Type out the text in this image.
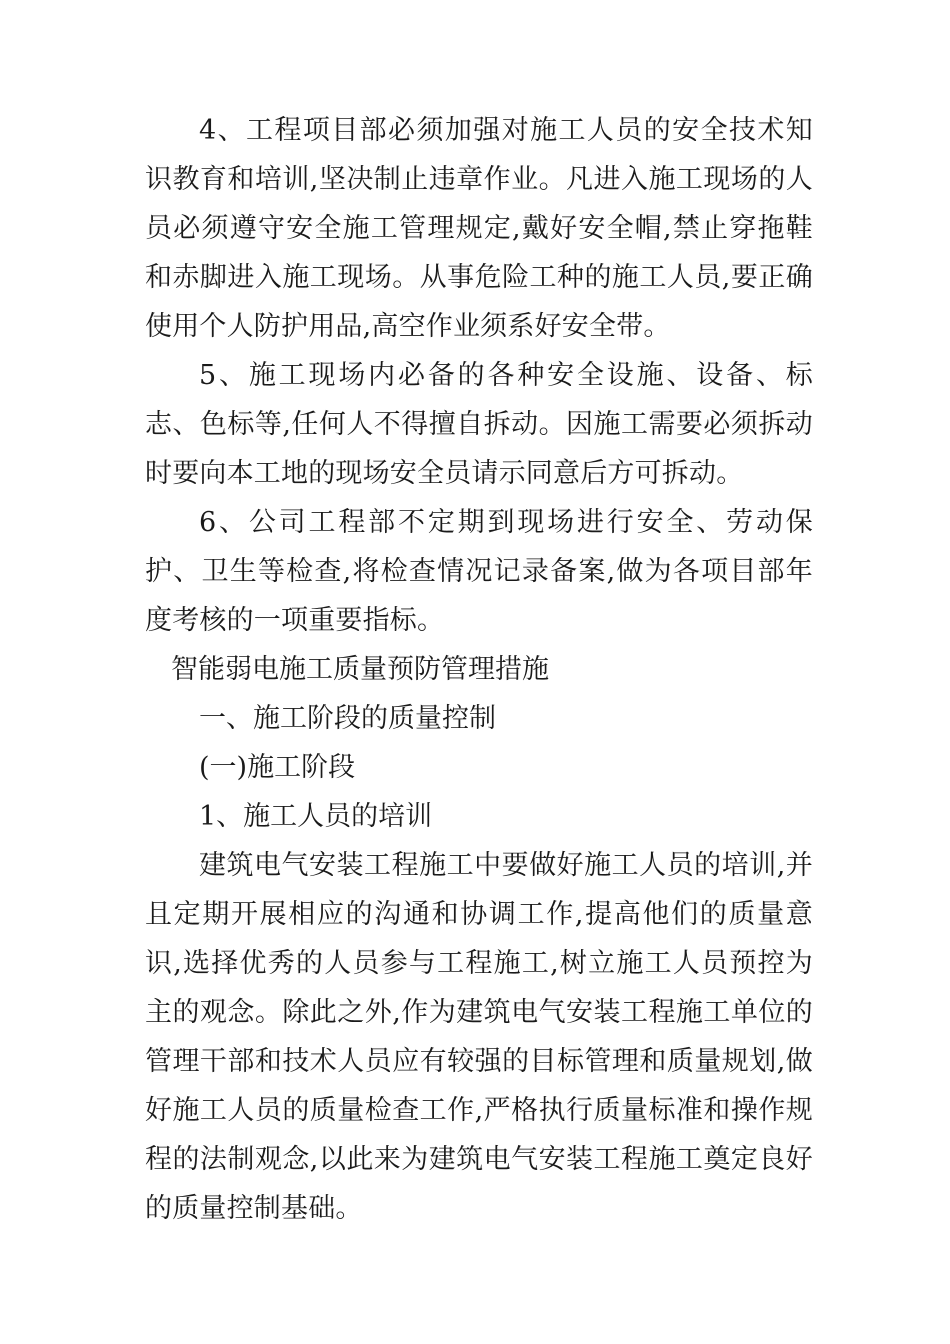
4、工程项目部必须加强对施工人员的安全技术知识教育和培训,坚决制止违章作业。凡进入施工现场的人员必须遵守安全施工管理规定,戴好安全帽,禁止穿拖鞋和赤脚进入施工现场。从事危险工种的施工人员,要正确使用个人防护用品,高空作业须系好安全带。

5、施工现场内必备的各种安全设施、设备、标志、色标等,任何人不得擅自拆动。因施工需要必须拆动时要向本工地的现场安全员请示同意后方可拆动。

6、公司工程部不定期到现场进行安全、劳动保护、卫生等检查,将检查情况记录备案,做为各项目部年度考核的一项重要指标。

智能弱电施工质量预防管理措施

一、施工阶段的质量控制

(一)施工阶段

1、施工人员的培训

建筑电气安装工程施工中要做好施工人员的培训,并且定期开展相应的沟通和协调工作,提高他们的质量意识,选择优秀的人员参与工程施工,树立施工人员预控为主的观念。除此之外,作为建筑电气安装工程施工单位的管理干部和技术人员应有较强的目标管理和质量规划,做好施工人员的质量检查工作,严格执行质量标准和操作规程的法制观念,以此来为建筑电气安装工程施工奠定良好的质量控制基础。
